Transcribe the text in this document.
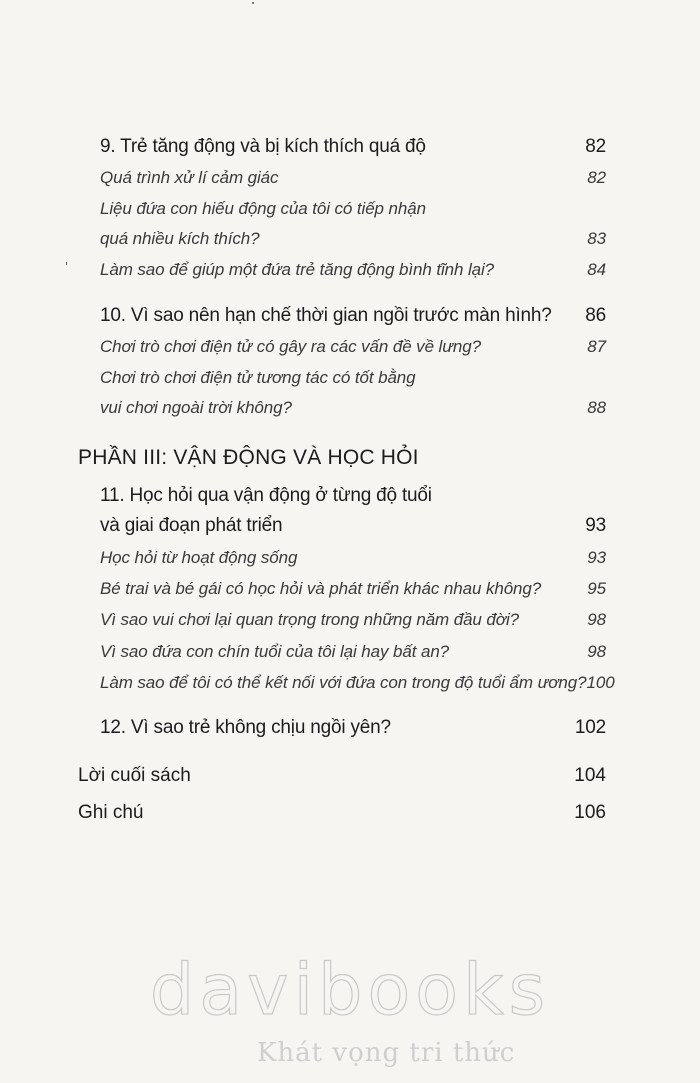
9. Trẻ tăng động và bị kích thích quá độ	82
Quá trình xử lí cảm giác	82
Liệu đứa con hiếu động của tôi có tiếp nhận
quá nhiều kích thích?	83
Làm sao để giúp một đứa trẻ tăng động bình tĩnh lại?	84
10. Vì sao nên hạn chế thời gian ngồi trước màn hình? 86
Chơi trò chơi điện tử có gây ra các vấn đề về lưng?	87
Chơi trò chơi điện tử tương tác có tốt bằng
vui chơi ngoài trời không?	88
PHẦN III: VẬN ĐỘNG VÀ HỌC HỎI
11. Học hỏi qua vận động ở từng độ tuổi
và giai đoạn phát triển	93
Học hỏi từ hoạt động sống	93
Bé trai và bé gái có học hỏi và phát triển khác nhau không?	95
Vì sao vui chơi lại quan trọng trong những năm đầu đời?	98
Vì sao đứa con chín tuổi của tôi lại hay bất an?	98
Làm sao để tôi có thể kết nối với đứa con trong độ tuổi ẩm ương? 100
12. Vì sao trẻ không chịu ngồi yên?	102
Lời cuối sách	104
Ghi chú	106
davibooks
Khát vọng tri thức
